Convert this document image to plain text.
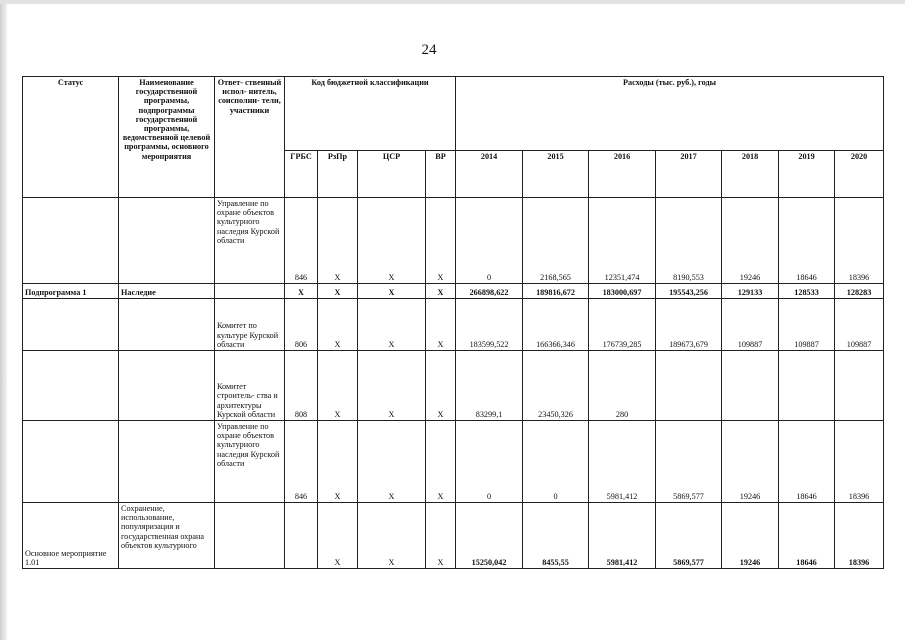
24
Статус	Наименование государственной программы, подпрограммы государственной программы, ведомственной целевой программы, основного мероприятия	Ответ- ственный испол- нитель, соисполни- тели, участники	Код бюджетной классификации				Расходы (тыс. руб.), годы						
			ГРБС	РзПр	ЦСР	ВР	2014	2015	2016	2017	2018	2019	2020
		Управление по охране объектов культурного наследия Курской области	846	Х	Х	Х	0	2168,565	12351,474	8190,553	19246	18646	18396
Подпрограмма 1	Наследие		Х	Х	Х	Х	266898,622	189816,672	183000,697	195543,256	129133	128533	128283
		Комитет по культуре Курской области	806	Х	Х	Х	183599,522	166366,346	176739,285	189673,679	109887	109887	109887
		Комитет строитель- ства и архитектуры Курской области	808	Х	Х	Х	83299,1	23450,326	280				
		Управление по охране объектов культурного наследия Курской области	846	Х	Х	Х	0	0	5981,412	5869,577	19246	18646	18396
Основное мероприятие 1.01	Сохранение, использование, популяризация и государственная охрана объектов культурного			Х	Х	Х	15250,042	8455,55	5981,412	5869,577	19246	18646	18396
